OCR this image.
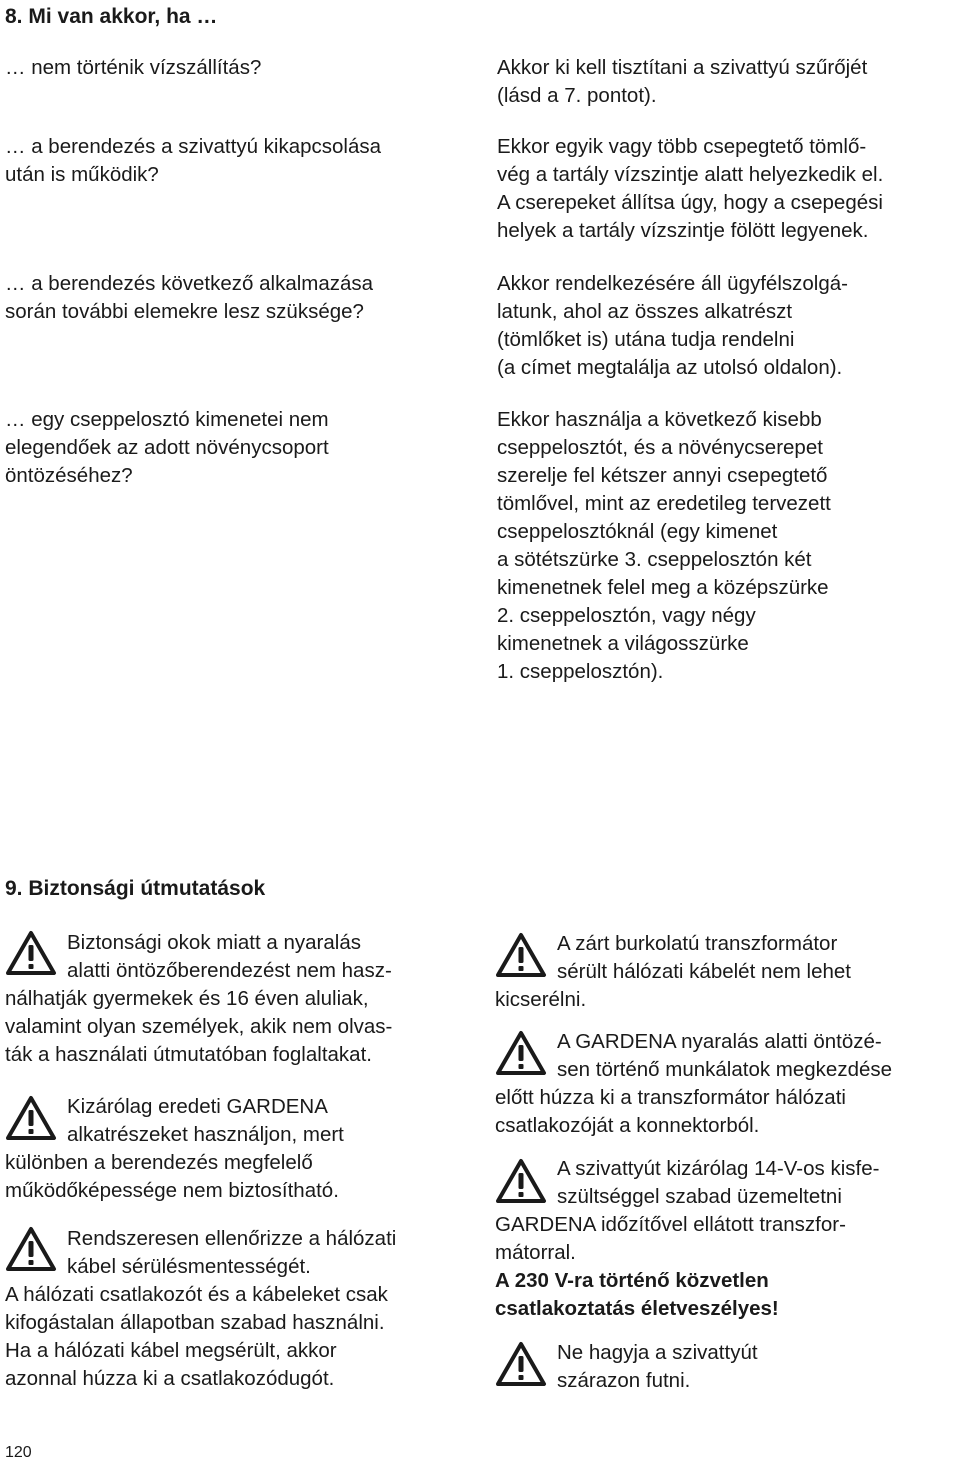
8. Mi van akkor, ha …
… nem történik vízszállítás?	Akkor ki kell tisztítani a szivattyú szűrőjét
(lásd a 7. pontot).
… a berendezés a szivattyú kikapcsolása
után is működik?
Ekkor egyik vagy több csepegtető tömlő-
vég a tartály vízszintje alatt helyezkedik el.
A cserepeket állítsa úgy, hogy a csepegési
helyek a tartály vízszintje fölött legyenek.
… a berendezés következő alkalmazása
során további elemekre lesz szüksége?
Akkor rendelkezésére áll ügyfélszolgá-
latunk, ahol az összes alkatrészt
(tömlőket is) utána tudja rendelni
(a címet megtalálja az utolsó oldalon).
… egy cseppelosztó kimenetei nem
elegendőek az adott növénycsoport
öntözéséhez?
Ekkor használja a következő kisebb
cseppelosztót, és a növénycserepet
szerelje fel kétszer annyi csepegtető
tömlővel, mint az eredetileg tervezett
cseppelosztóknál (egy kimenet
a sötétszürke 3. cseppelosztón két
kimenetnek felel meg a középszürke
2. cseppelosztón, vagy négy
kimenetnek a világosszürke
1. cseppelosztón).
9. Biztonsági útmutatások
Biztonsági okok miatt a nyaralás
alatti öntözőberendezést nem hasz-
nálhatják gyermekek és 16 éven aluliak,
valamint olyan személyek, akik nem olvas-
ták a használati útmutatóban foglaltakat.
Kizárólag eredeti GARDENA
alkatrészeket használjon, mert
különben a berendezés megfelelő
működőképessége nem biztosítható.
Rendszeresen ellenőrizze a hálózati
kábel sérülésmentességét.
A hálózati csatlakozót és a kábeleket csak
kifogástalan állapotban szabad használni.
Ha a hálózati kábel megsérült, akkor
azonnal húzza ki a csatlakozódugót.
A zárt burkolatú transzformátor
sérült hálózati kábelét nem lehet
kicserélni.
A GARDENA nyaralás alatti öntözé-
sen történő munkálatok megkezdése
előtt húzza ki a transzformátor hálózati
csatlakozóját a konnektorból.
A szivattyút kizárólag 14-V-os kisfe-
szültséggel szabad üzemeltetni
GARDENA időzítővel ellátott transzfor-
mátorral.
A 230 V-ra történő közvetlen
csatlakoztatás életveszélyes!
Ne hagyja a szivattyút
szárazon futni.
120
